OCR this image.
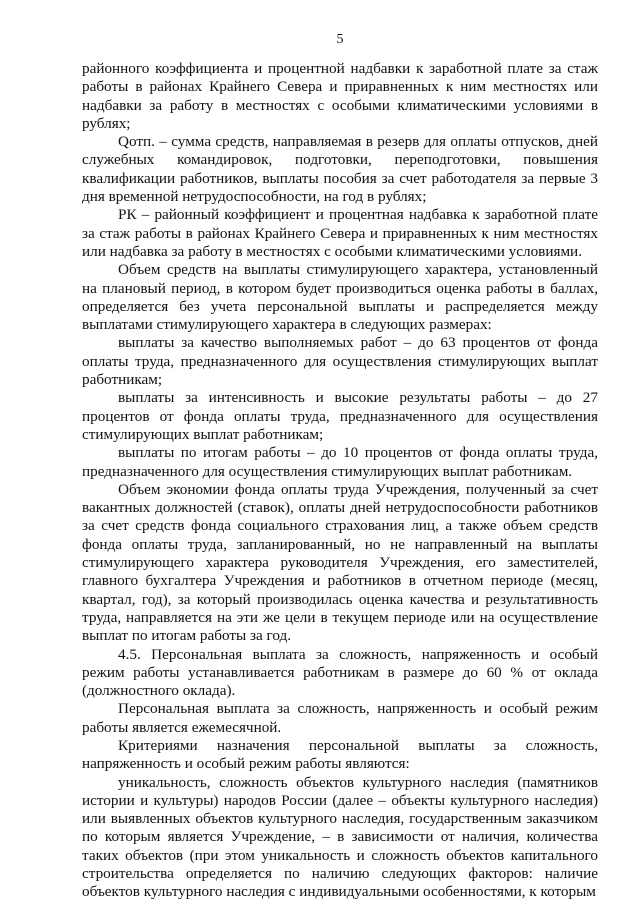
5

районного коэффициента и процентной надбавки к заработной плате за стаж работы в районах Крайнего Севера и приравненных к ним местностях или надбавки за работу в местностях с особыми климатическими условиями в рублях;

Qотп. – сумма средств, направляемая в резерв для оплаты отпусков, дней служебных командировок, подготовки, переподготовки, повышения квалификации работников, выплаты пособия за счет работодателя за первые 3 дня временной нетрудоспособности, на год в рублях;

РК – районный коэффициент и процентная надбавка к заработной плате за стаж работы в районах Крайнего Севера и приравненных к ним местностях или надбавка за работу в местностях с особыми климатическими условиями.

Объем средств на выплаты стимулирующего характера, установленный на плановый период, в котором будет производиться оценка работы в баллах, определяется без учета персональной выплаты и распределяется между выплатами стимулирующего характера в следующих размерах:

выплаты за качество выполняемых работ – до 63 процентов от фонда оплаты труда, предназначенного для осуществления стимулирующих выплат работникам;

выплаты за интенсивность и высокие результаты работы – до 27 процентов от фонда оплаты труда, предназначенного для осуществления стимулирующих выплат работникам;

выплаты по итогам работы – до 10 процентов от фонда оплаты труда, предназначенного для осуществления стимулирующих выплат работникам.

Объем экономии фонда оплаты труда Учреждения, полученный за счет вакантных должностей (ставок), оплаты дней нетрудоспособности работников за счет средств фонда социального страхования лиц, а также объем средств фонда оплаты труда, запланированный, но не направленный на выплаты стимулирующего характера руководителя Учреждения, его заместителей, главного бухгалтера Учреждения и работников в отчетном периоде (месяц, квартал, год), за который производилась оценка качества и результативность труда, направляется на эти же цели в текущем периоде или на осуществление выплат по итогам работы за год.

4.5. Персональная выплата за сложность, напряженность и особый режим работы устанавливается работникам в размере до 60 % от оклада (должностного оклада).

Персональная выплата за сложность, напряженность и особый режим работы является ежемесячной.

Критериями назначения персональной выплаты за сложность, напряженность и особый режим работы являются:

уникальность, сложность объектов культурного наследия (памятников истории и культуры) народов России (далее – объекты культурного наследия) или выявленных объектов культурного наследия, государственным заказчиком по которым является Учреждение, – в зависимости от наличия, количества таких объектов (при этом уникальность и сложность объектов капитального строительства определяется по наличию следующих факторов: наличие объектов культурного наследия с индивидуальными особенностями, к которым
